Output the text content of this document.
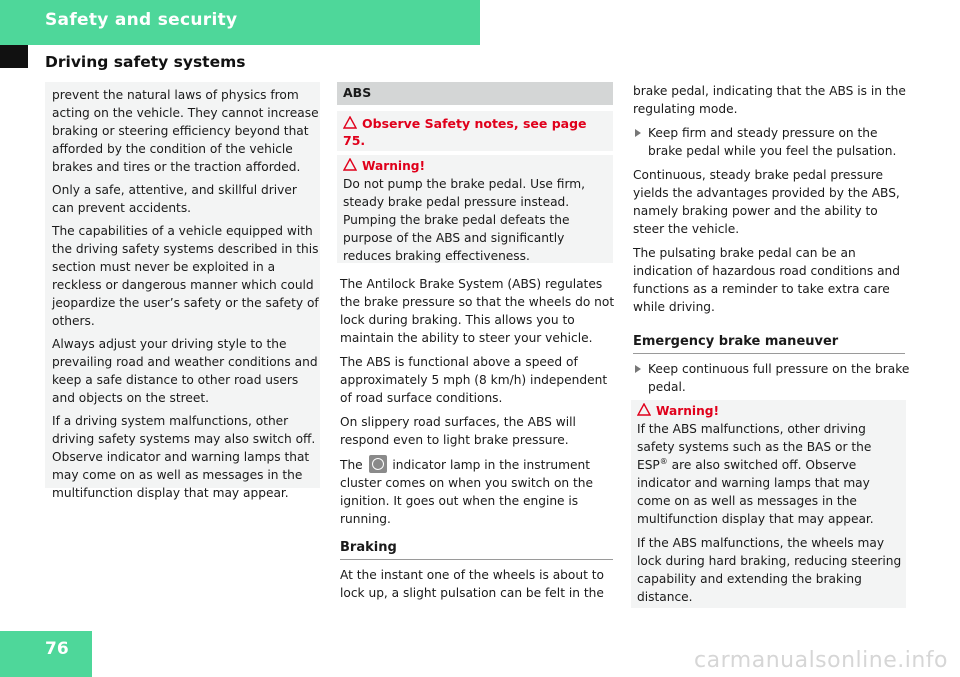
Safety and security
Driving safety systems

prevent the natural laws of physics from acting on the vehicle. They cannot increase braking or steering efficiency beyond that afforded by the condition of the vehicle brakes and tires or the traction afforded.

Only a safe, attentive, and skillful driver can prevent accidents.

The capabilities of a vehicle equipped with the driving safety systems described in this section must never be exploited in a reckless or dangerous manner which could jeopardize the user’s safety or the safety of others.

Always adjust your driving style to the prevailing road and weather conditions and keep a safe distance to other road users and objects on the street.

If a driving system malfunctions, other driving safety systems may also switch off. Observe indicator and warning lamps that may come on as well as messages in the multifunction display that may appear.

ABS
Observe Safety notes, see page 75.
Warning!
Do not pump the brake pedal. Use firm, steady brake pedal pressure instead. Pumping the brake pedal defeats the purpose of the ABS and significantly reduces braking effectiveness.

The Antilock Brake System (ABS) regulates the brake pressure so that the wheels do not lock during braking. This allows you to maintain the ability to steer your vehicle.

The ABS is functional above a speed of approximately 5 mph (8 km/h) independent of road surface conditions.

On slippery road surfaces, the ABS will respond even to light brake pressure.

The indicator lamp in the instrument cluster comes on when you switch on the ignition. It goes out when the engine is running.

Braking

At the instant one of the wheels is about to lock up, a slight pulsation can be felt in the

brake pedal, indicating that the ABS is in the regulating mode.

Keep firm and steady pressure on the brake pedal while you feel the pulsation.

Continuous, steady brake pedal pressure yields the advantages provided by the ABS, namely braking power and the ability to steer the vehicle.

The pulsating brake pedal can be an indication of hazardous road conditions and functions as a reminder to take extra care while driving.

Emergency brake maneuver

Keep continuous full pressure on the brake pedal.

Warning!

If the ABS malfunctions, other driving safety systems such as the BAS or the ESP® are also switched off. Observe indicator and warning lamps that may come on as well as messages in the multifunction display that may appear.

If the ABS malfunctions, the wheels may lock during hard braking, reducing steering capability and extending the braking distance.

76	carmanualsonline.info
